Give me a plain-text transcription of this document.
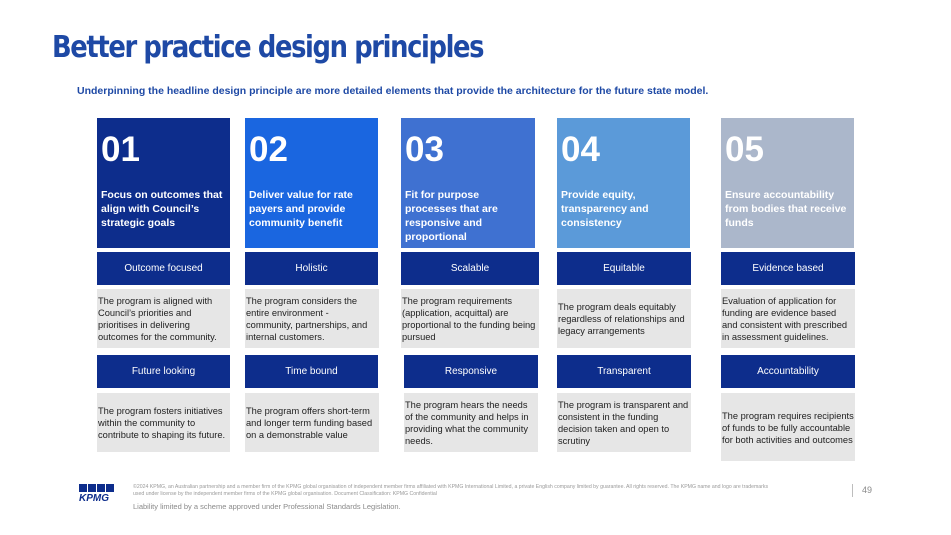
Better practice design principles

Underpinning the headline design principle are more detailed elements that provide the architecture for the future state model.

01
Focus on outcomes that align with Council’s strategic goals
Outcome focused
The program is aligned with Council’s priorities and prioritises in delivering outcomes for the community.
Future looking
The program fosters initiatives within the community to contribute to shaping its future.
02
Deliver value for rate payers and provide community benefit
Holistic
The program considers the entire environment - community, partnerships, and internal customers.
Time bound
The program offers short-term and longer term funding based on a demonstrable value
03
Fit for purpose processes that are responsive and proportional
Scalable
The program requirements (application, acquittal) are proportional to the funding being pursued
Responsive
The program hears the needs of the community and helps in providing what the community needs.
04
Provide equity, transparency and consistency
Equitable
The program deals equitably regardless of relationships and legacy arrangements
Transparent
The program is transparent and consistent in the funding decision taken and open to scrutiny
05
Ensure accountability from bodies that receive funds
Evidence based
Evaluation of application for funding are evidence based and consistent with prescribed in assessment guidelines.
Accountability
The program requires recipients of funds to be fully accountable for both activities and outcomes
KPMG
©2024 KPMG, an Australian partnership and a member firm of the KPMG global organisation of independent member firms affiliated with KPMG International Limited, a private English company limited by guarantee. All rights reserved. The KPMG name and logo are trademarks used under license by the independent member firms of the KPMG global organisation. Document Classification: KPMG Confidential
Liability limited by a scheme approved under Professional Standards Legislation.
49
